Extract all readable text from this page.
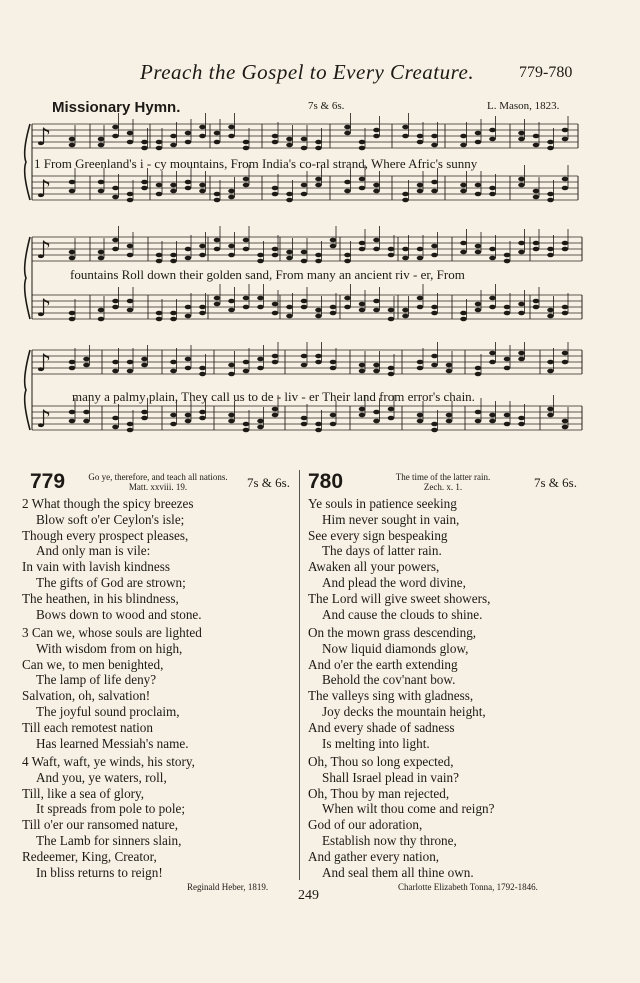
Preach the Gospel to Every Creature.	779-780
Missionary Hymn.	7s & 6s.	L. Mason, 1823.
♪
♪
♪
♪
♪
♪
1 From Greenland's i - cy mountains, From India's co-ral strand, Where Afric's sunny
fountains Roll down their golden sand, From many an ancient riv - er, From
many a palmy plain, They call us to de - liv - er Their land from error's chain.
779	Go ye, therefore, and teach all nations.
Matt. xxviii. 19.	7s & 6s.
2 What though the spicy breezes
Blow soft o'er Ceylon's isle;
Though every prospect pleases,
And only man is vile:
In vain with lavish kindness
The gifts of God are strown;
The heathen, in his blindness,
Bows down to wood and stone.
3 Can we, whose souls are lighted
With wisdom from on high,
Can we, to men benighted,
The lamp of life deny?
Salvation, oh, salvation!
The joyful sound proclaim,
Till each remotest nation
Has learned Messiah's name.
4 Waft, waft, ye winds, his story,
And you, ye waters, roll,
Till, like a sea of glory,
It spreads from pole to pole;
Till o'er our ransomed nature,
The Lamb for sinners slain,
Redeemer, King, Creator,
In bliss returns to reign!
Reginald Heber, 1819.
780	The time of the latter rain.
Zech. x. 1.	7s & 6s.
Ye souls in patience seeking
Him never sought in vain,
See every sign bespeaking
The days of latter rain.
Awaken all your powers,
And plead the word divine,
The Lord will give sweet showers,
And cause the clouds to shine.
On the mown grass descending,
Now liquid diamonds glow,
And o'er the earth extending
Behold the cov'nant bow.
The valleys sing with gladness,
Joy decks the mountain height,
And every shade of sadness
Is melting into light.
Oh, Thou so long expected,
Shall Israel plead in vain?
Oh, Thou by man rejected,
When wilt thou come and reign?
God of our adoration,
Establish now thy throne,
And gather every nation,
And seal them all thine own.
Charlotte Elizabeth Tonna, 1792-1846.
249
